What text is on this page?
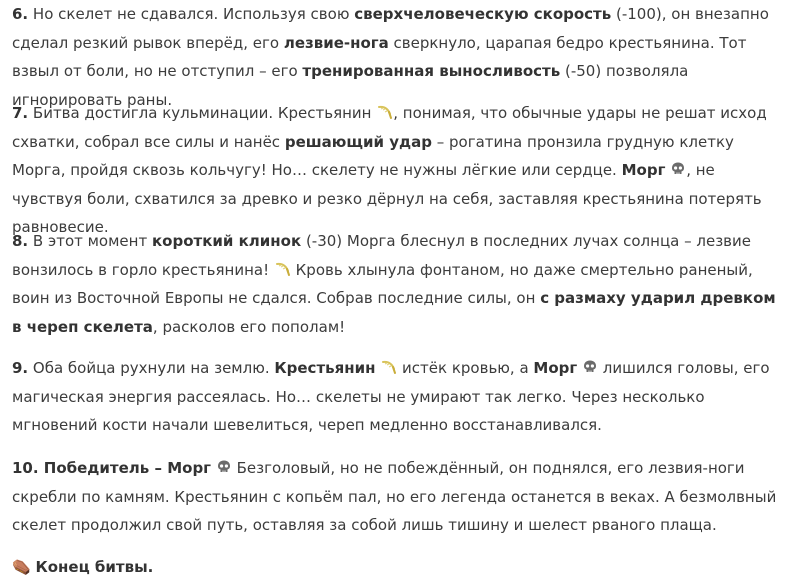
6. Но скелет не сдавался. Используя свою сверхчеловеческую скорость (-100), он внезапно сделал резкий рывок вперёд, его лезвие-нога сверкнуло, царапая бедро крестьянина. Тот взвыл от боли, но не отступил – его тренированная выносливость (-50) позволяла игнорировать раны.

7. Битва достигла кульминации. Крестьянин , понимая, что обычные удары не решат исход схватки, собрал все силы и нанёс решающий удар – рогатина пронзила грудную клетку Морга, пройдя сквозь кольчугу! Но… скелету не нужны лёгкие или сердце. Морг , не чувствуя боли, схватился за древко и резко дёрнул на себя, заставляя крестьянина потерять равновесие.

8. В этот момент короткий клинок (-30) Морга блеснул в последних лучах солнца – лезвие вонзилось в горло крестьянина!  Кровь хлынула фонтаном, но даже смертельно раненый, воин из Восточной Европы не сдался. Собрав последние силы, он с размаху ударил древком в череп скелета, расколов его пополам!

9. Оба бойца рухнули на землю. Крестьянин  истёк кровью, а Морг  лишился головы, его магическая энергия рассеялась. Но… скелеты не умирают так легко. Через несколько мгновений кости начали шевелиться, череп медленно восстанавливался.

10. Победитель – Морг  Безголовый, но не побеждённый, он поднялся, его лезвия-ноги скребли по камням. Крестьянин с копьём пал, но его легенда останется в веках. А безмолвный скелет продолжил свой путь, оставляя за собой лишь тишину и шелест рваного плаща.

⚰️ Конец битвы.
